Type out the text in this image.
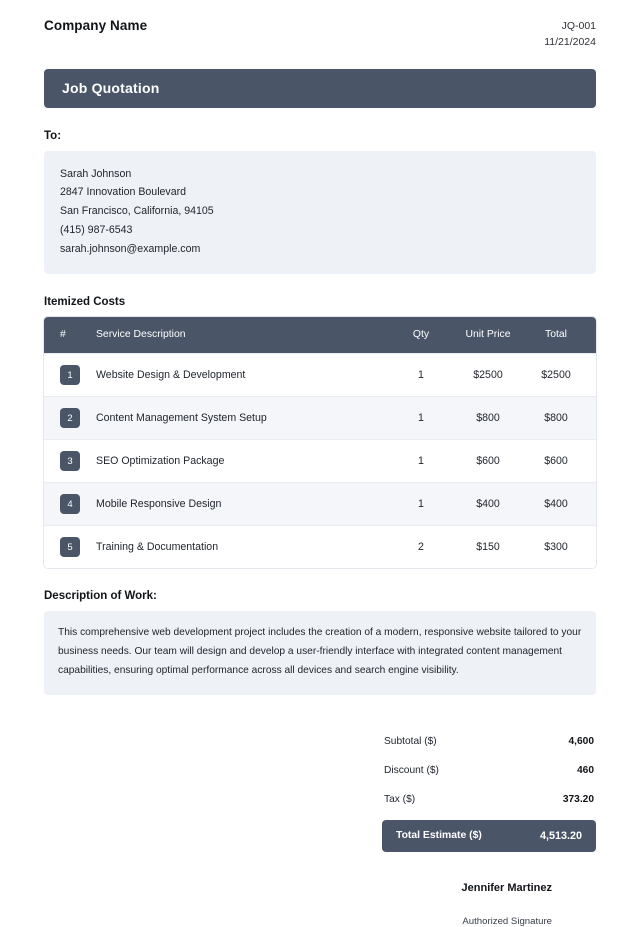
Company Name	JQ-001
11/21/2024
Job Quotation
To:
Sarah Johnson
2847 Innovation Boulevard
San Francisco, California, 94105
(415) 987-6543
sarah.johnson@example.com
Itemized Costs
#	Service Description	Qty	Unit Price	Total
1	Website Design & Development	1	$2500	$2500
2	Content Management System Setup	1	$800	$800
3	SEO Optimization Package	1	$600	$600
4	Mobile Responsive Design	1	$400	$400
5	Training & Documentation	2	$150	$300
Description of Work:

This comprehensive web development project includes the creation of a modern, responsive website tailored to your business needs. Our team will design and develop a user-friendly interface with integrated content management capabilities, ensuring optimal performance across all devices and search engine visibility.

Subtotal ($)	4,600
Discount ($)	460
Tax ($)	373.20
Total Estimate ($)	4,513.20
Jennifer Martinez
Authorized Signature
